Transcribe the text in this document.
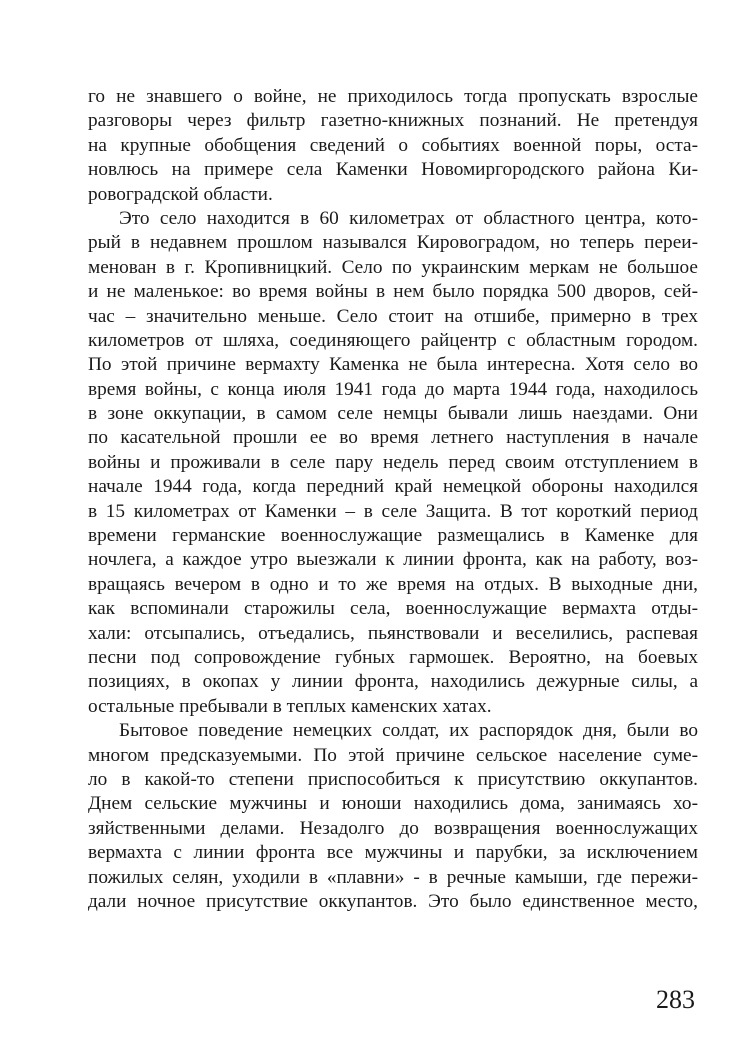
го не знавшего о войне, не приходилось тогда пропускать взрослые
разговоры через фильтр газетно-книжных познаний. Не претендуя
на крупные обобщения сведений о событиях военной поры, оста-
новлюсь на примере села Каменки Новомиргородского района Ки-
ровоградской области.
Это село находится в 60 километрах от областного центра, кото-
рый в недавнем прошлом назывался Кировоградом, но теперь переи-
менован в г. Кропивницкий. Село по украинским меркам не большое
и не маленькое: во время войны в нем было порядка 500 дворов, сей-
час – значительно меньше. Село стоит на отшибе, примерно в трех
километров от шляха, соединяющего райцентр с областным городом.
По этой причине вермахту Каменка не была интересна. Хотя село во
время войны, с конца июля 1941 года до марта 1944 года, находилось
в зоне оккупации, в самом селе немцы бывали лишь наездами. Они
по касательной прошли ее во время летнего наступления в начале
войны и проживали в селе пару недель перед своим отступлением в
начале 1944 года, когда передний край немецкой обороны находился
в 15 километрах от Каменки – в селе Защита. В тот короткий период
времени германские военнослужащие размещались в Каменке для
ночлега, а каждое утро выезжали к линии фронта, как на работу, воз-
вращаясь вечером в одно и то же время на отдых. В выходные дни,
как вспоминали старожилы села, военнослужащие вермахта отды-
хали: отсыпались, отъедались, пьянствовали и веселились, распевая
песни под сопровождение губных гармошек. Вероятно, на боевых
позициях, в окопах у линии фронта, находились дежурные силы, а
остальные пребывали в теплых каменских хатах.
Бытовое поведение немецких солдат, их распорядок дня, были во
многом предсказуемыми. По этой причине сельское население суме-
ло в какой-то степени приспособиться к присутствию оккупантов.
Днем сельские мужчины и юноши находились дома, занимаясь хо-
зяйственными делами. Незадолго до возвращения военнослужащих
вермахта с линии фронта все мужчины и парубки, за исключением
пожилых селян, уходили в «плавни» - в речные камыши, где пережи-
дали ночное присутствие оккупантов. Это было единственное место,
283
